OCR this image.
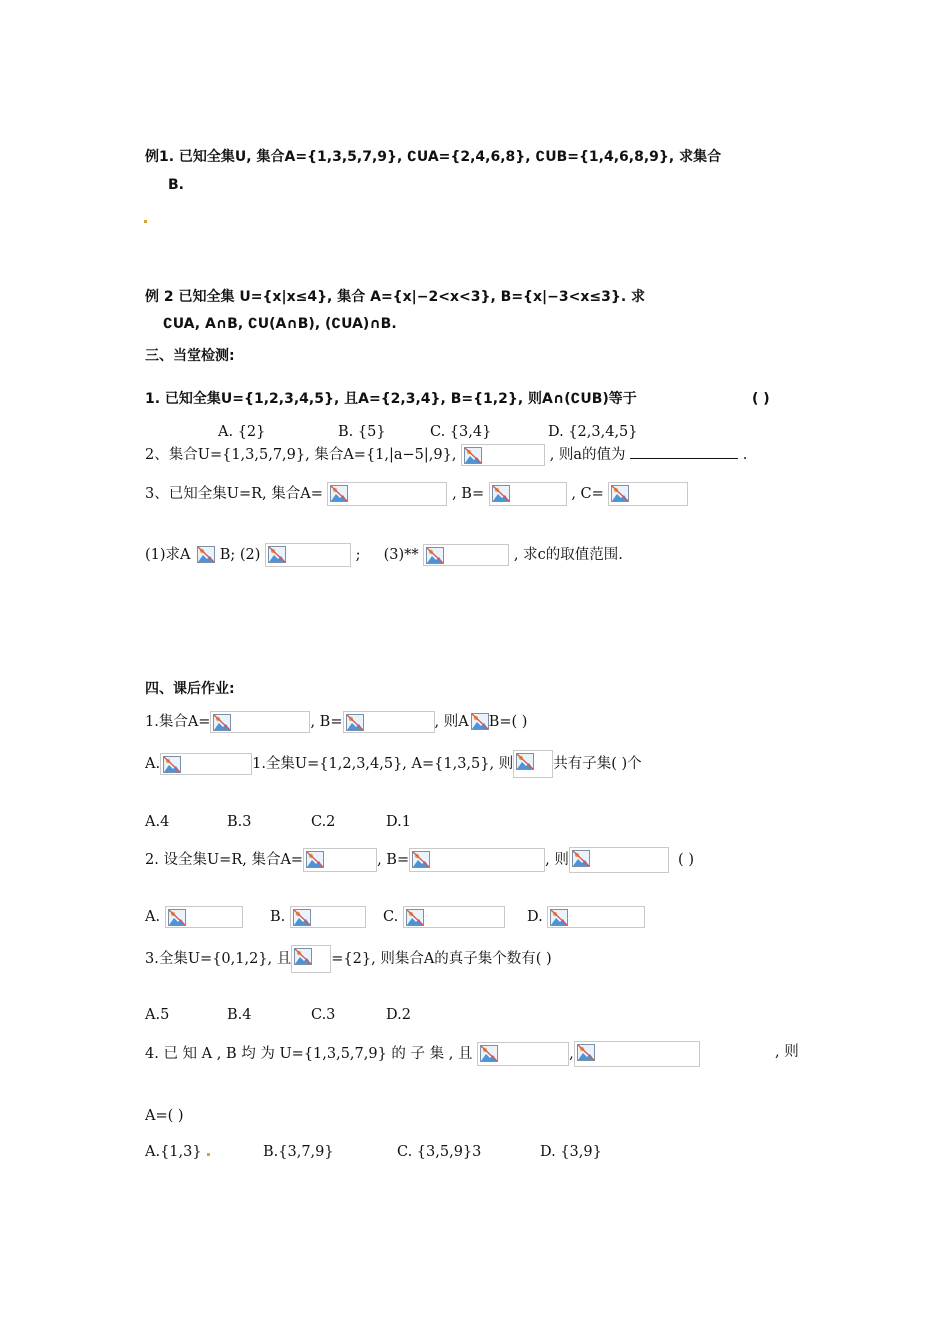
例1. 已知全集U, 集合A={1,3,5,7,9}, ∁UA={2,4,6,8}, ∁UB={1,4,6,8,9}, 求集合
B.
例 2 已知全集 U={x|x≤4}, 集合 A={x|−2<x<3}, B={x|−3<x≤3}. 求
∁UA, A∩B, ∁U(A∩B), (∁UA)∩B.
三、当堂检测:
1. 已知全集U={1,2,3,4,5}, 且A={2,3,4}, B={1,2}, 则A∩(∁UB)等于	( )
A. {2}	B. {5}	C. {3,4}	D. {2,3,4,5}
2、集合U={1,3,5,7,9}, 集合A={1,|a−5|,9},	, 则a的值为	.
3、已知全集U=R, 集合A=	, B=	, C=
(1)求A B; (2)	; (3)**	, 求c的取值范围.
四、课后作业:
1.集合A=	, B=	, 则A B=( )
A.	1.全集U={1,2,3,4,5}, A={1,3,5}, 则	共有子集( )个
A.4	B.3	C.2	D.1
2. 设全集U=R, 集合A=	, B=	, 则	( )
A.	B.	C.	D.
3.全集U={0,1,2}, 且	={2}, 则集合A的真子集个数有( )
A.5	B.4	C.3	D.2
4. 已 知 A , B 均 为 U={1,3,5,7,9} 的 子 集 , 且	,	, 则
A=( )
A.{1,3}	B.{3,7,9}	C. {3,5,9}3	D. {3,9}
